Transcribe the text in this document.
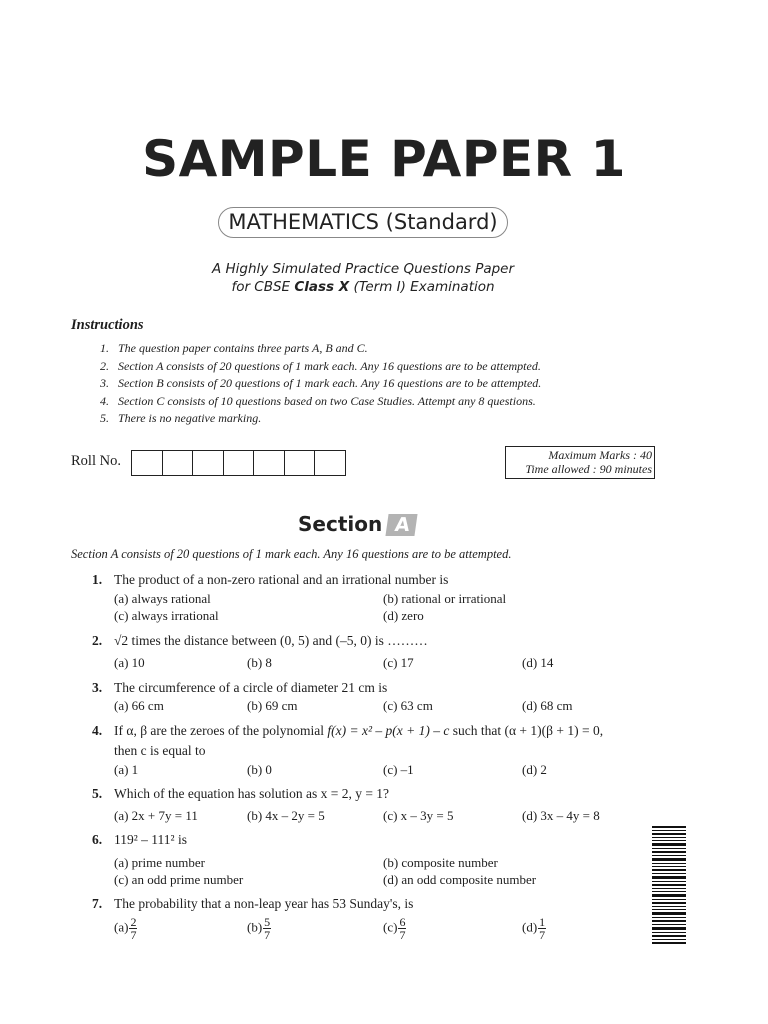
SAMPLE PAPER 1
MATHEMATICS (Standard)
A Highly Simulated Practice Questions Paper
for CBSE Class X (Term I) Examination
Instructions
1. The question paper contains three parts A, B and C.
2. Section A consists of 20 questions of 1 mark each. Any 16 questions are to be attempted.
3. Section B consists of 20 questions of 1 mark each. Any 16 questions are to be attempted.
4. Section C consists of 10 questions based on two Case Studies. Attempt any 8 questions.
5. There is no negative marking.
Roll No.	Maximum Marks : 40
Time allowed : 90 minutes
Section A
Section A consists of 20 questions of 1 mark each. Any 16 questions are to be attempted.
1. The product of a non-zero rational and an irrational number is
(a) always rational	(b) rational or irrational
(c) always irrational	(d) zero
2. √2 times the distance between (0, 5) and (–5, 0) is ………
(a) 10	(b) 8	(c) 17	(d) 14
3. The circumference of a circle of diameter 21 cm is
(a) 66 cm	(b) 69 cm	(c) 63 cm	(d) 68 cm
4. If α, β are the zeroes of the polynomial f(x) = x² – p(x + 1) – c such that (α + 1)(β + 1) = 0,
then c is equal to
(a) 1	(b) 0	(c) –1	(d) 2
5. Which of the equation has solution as x = 2, y = 1?
(a) 2x + 7y = 11	(b) 4x – 2y = 5	(c) x – 3y = 5	(d) 3x – 4y = 8
6. 119² – 111² is
(a) prime number	(b) composite number
(c) an odd prime number	(d) an odd composite number
7. The probability that a non-leap year has 53 Sunday's, is
$(a) \frac{2}{7}$	$(b) \frac{5}{7}$	$(c) \frac{6}{7}$	$(d) \frac{1}{7}$
